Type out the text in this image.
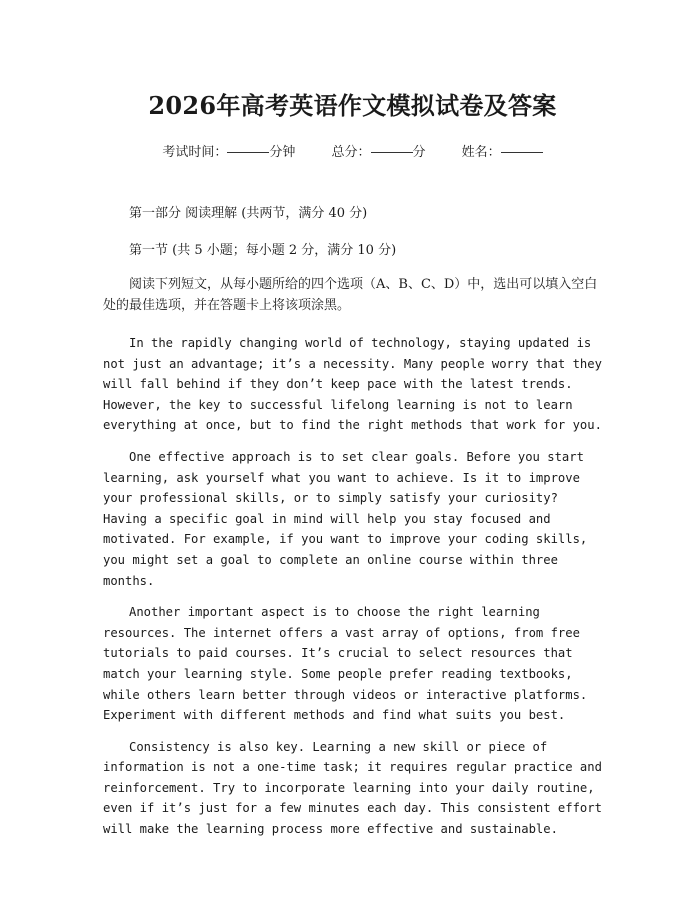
2026年高考英语作文模拟试卷及答案
考试时间：	分钟	总分：	分	姓名：

第一部分 阅读理解 (共两节，满分 40 分)

第一节 (共 5 小题；每小题 2 分，满分 10 分)

阅读下列短文，从每小题所给的四个选项（A、B、C、D）中，选出可以填入空白处的最佳选项，并在答题卡上将该项涂黑。

In the rapidly changing world of technology, staying updated is not just an advantage; it’s a necessity. Many people worry that they will fall behind if they don’t keep pace with the latest trends. However, the key to successful lifelong learning is not to learn everything at once, but to find the right methods that work for you.

One effective approach is to set clear goals. Before you start learning, ask yourself what you want to achieve. Is it to improve your professional skills, or to simply satisfy your curiosity? Having a specific goal in mind will help you stay focused and motivated. For example, if you want to improve your coding skills, you might set a goal to complete an online course within three months.

Another important aspect is to choose the right learning resources. The internet offers a vast array of options, from free tutorials to paid courses. It’s crucial to select resources that match your learning style. Some people prefer reading textbooks, while others learn better through videos or interactive platforms. Experiment with different methods and find what suits you best.

Consistency is also key. Learning a new skill or piece of information is not a one-time task; it requires regular practice and reinforcement. Try to incorporate learning into your daily routine, even if it’s just for a few minutes each day. This consistent effort will make the learning process more effective and sustainable.
